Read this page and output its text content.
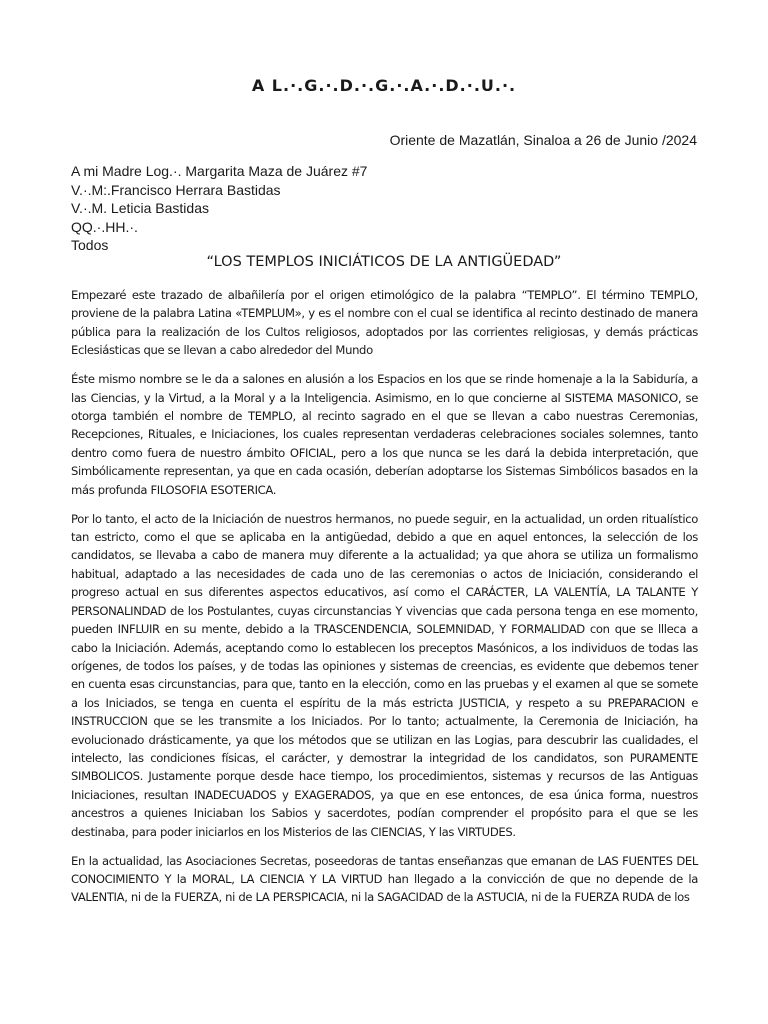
A L.·.G.·.D.·.G.·.A.·.D.·.U.·.
Oriente de Mazatlán, Sinaloa a 26 de Junio /2024
A mi Madre Log.·. Margarita Maza de Juárez #7
V.·.M:.Francisco Herrara Bastidas
V.·.M. Leticia Bastidas
QQ.·.HH.·.
Todos
“LOS TEMPLOS INICIÁTICOS DE LA ANTIGÜEDAD”

Empezaré este trazado de albañilería por el origen etimológico de la palabra “TEMPLO”. El término TEMPLO, proviene de la palabra Latina «TEMPLUM», y es el nombre con el cual se identifica al recinto destinado de manera pública para la realización de los Cultos religiosos, adoptados por las corrientes religiosas, y demás prácticas Eclesiásticas que se llevan a cabo alrededor del Mundo

Éste mismo nombre se le da a salones en alusión a los Espacios en los que se rinde homenaje a la la Sabiduría, a las Ciencias, y la Virtud, a la Moral y a la Inteligencia. Asimismo, en lo que concierne al SISTEMA MASONICO, se otorga también el nombre de TEMPLO, al recinto sagrado en el que se llevan a cabo nuestras Ceremonias, Recepciones, Rituales, e Iniciaciones, los cuales representan verdaderas celebraciones sociales solemnes, tanto dentro como fuera de nuestro ámbito OFICIAL, pero a los que nunca se les dará la debida interpretación, que Simbólicamente representan, ya que en cada ocasión, deberían adoptarse los Sistemas Simbólicos basados en la más profunda FILOSOFIA ESOTERICA.

Por lo tanto, el acto de la Iniciación de nuestros hermanos, no puede seguir, en la actualidad, un orden ritualístico tan estricto, como el que se aplicaba en la antigüedad, debido a que en aquel entonces, la selección de los candidatos, se llevaba a cabo de manera muy diferente a la actualidad; ya que ahora se utiliza un formalismo habitual, adaptado a las necesidades de cada uno de las ceremonias o actos de Iniciación, considerando el progreso actual en sus diferentes aspectos educativos, así como el CARÁCTER, LA VALENTÍA, LA TALANTE Y PERSONALINDAD de los Postulantes, cuyas circunstancias Y vivencias que cada persona tenga en ese momento, pueden INFLUIR en su mente, debido a la TRASCENDENCIA, SOLEMNIDAD, Y FORMALIDAD con que se llleca a cabo la Iniciación. Además, aceptando como lo establecen los preceptos Masónicos, a los individuos de todas las orígenes, de todos los países, y de todas las opiniones y sistemas de creencias, es evidente que debemos tener en cuenta esas circunstancias, para que, tanto en la elección, como en las pruebas y el examen al que se somete a los Iniciados, se tenga en cuenta el espíritu de la más estricta JUSTICIA, y respeto a su PREPARACION e INSTRUCCION que se les transmite a los Iniciados. Por lo tanto; actualmente, la Ceremonia de Iniciación, ha evolucionado drásticamente, ya que los métodos que se utilizan en las Logias, para descubrir las cualidades, el intelecto, las condiciones físicas, el carácter, y demostrar la integridad de los candidatos, son PURAMENTE SIMBOLICOS. Justamente porque desde hace tiempo, los procedimientos, sistemas y recursos de las Antiguas Iniciaciones, resultan INADECUADOS y EXAGERADOS, ya que en ese entonces, de esa única forma, nuestros ancestros a quienes Iniciaban los Sabios y sacerdotes, podían comprender el propósito para el que se les destinaba, para poder iniciarlos en los Misterios de las CIENCIAS, Y las VIRTUDES.

En la actualidad, las Asociaciones Secretas, poseedoras de tantas enseñanzas que emanan de LAS FUENTES DEL CONOCIMIENTO Y la MORAL, LA CIENCIA Y LA VIRTUD han llegado a la convicción de que no depende de la VALENTIA, ni de la FUERZA, ni de LA PERSPICACIA, ni la SAGACIDAD de la ASTUCIA, ni de la FUERZA RUDA de los
